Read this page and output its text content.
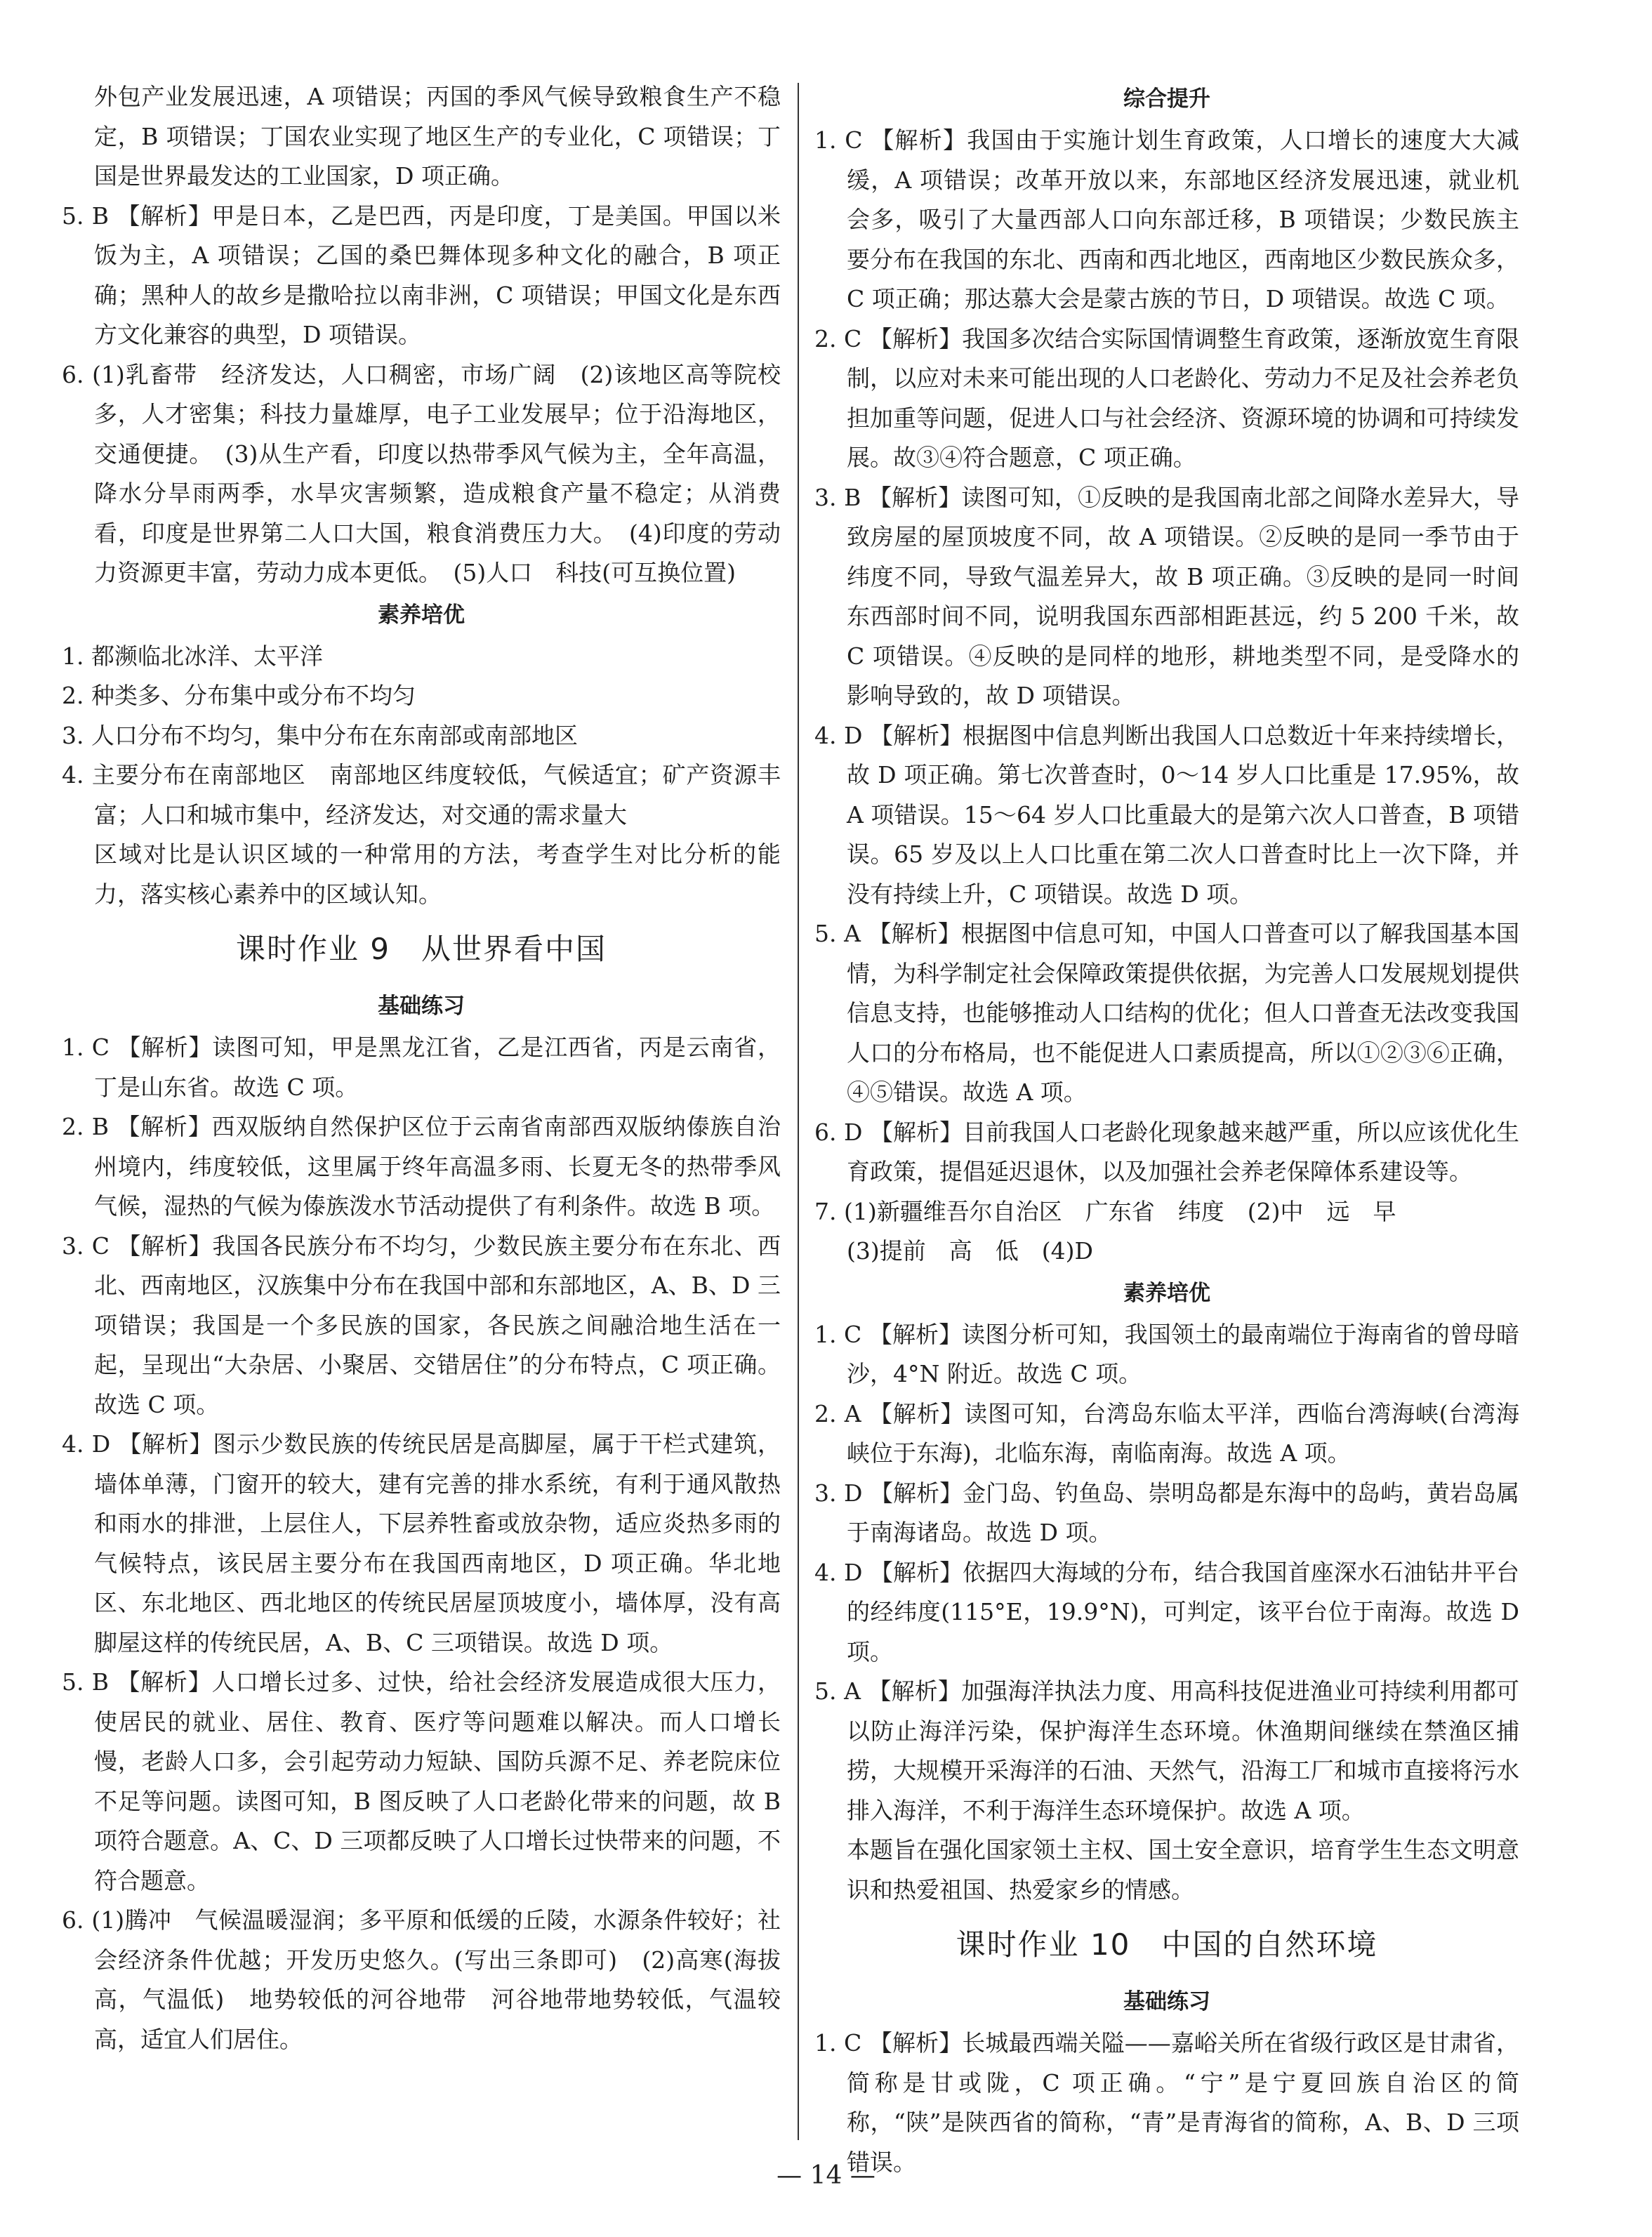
外包产业发展迅速，A 项错误；丙国的季风气候导致粮食生产不稳定，B 项错误；丁国农业实现了地区生产的专业化，C 项错误；丁国是世界最发达的工业国家，D 项正确。

5. B 【解析】甲是日本，乙是巴西，丙是印度，丁是美国。甲国以米饭为主，A 项错误；乙国的桑巴舞体现多种文化的融合，B 项正确；黑种人的故乡是撒哈拉以南非洲，C 项错误；甲国文化是东西方文化兼容的典型，D 项错误。

6. (1)乳畜带　经济发达，人口稠密，市场广阔　(2)该地区高等院校多，人才密集；科技力量雄厚，电子工业发展早；位于沿海地区，交通便捷。　(3)从生产看，印度以热带季风气候为主，全年高温，降水分旱雨两季，水旱灾害频繁，造成粮食产量不稳定；从消费看，印度是世界第二人口大国，粮食消费压力大。　(4)印度的劳动力资源更丰富，劳动力成本更低。　(5)人口　科技(可互换位置)

素养培优

1. 都濒临北冰洋、太平洋

2. 种类多、分布集中或分布不均匀

3. 人口分布不均匀，集中分布在东南部或南部地区

4. 主要分布在南部地区　南部地区纬度较低，气候适宜；矿产资源丰富；人口和城市集中，经济发达，对交通的需求量大

区域对比是认识区域的一种常用的方法，考查学生对比分析的能力，落实核心素养中的区域认知。

课时作业 9　从世界看中国

基础练习

1. C 【解析】读图可知，甲是黑龙江省，乙是江西省，丙是云南省，丁是山东省。故选 C 项。

2. B 【解析】西双版纳自然保护区位于云南省南部西双版纳傣族自治州境内，纬度较低，这里属于终年高温多雨、长夏无冬的热带季风气候，湿热的气候为傣族泼水节活动提供了有利条件。故选 B 项。

3. C 【解析】我国各民族分布不均匀，少数民族主要分布在东北、西北、西南地区，汉族集中分布在我国中部和东部地区，A、B、D 三项错误；我国是一个多民族的国家，各民族之间融洽地生活在一起，呈现出“大杂居、小聚居、交错居住”的分布特点，C 项正确。故选 C 项。

4. D 【解析】图示少数民族的传统民居是高脚屋，属于干栏式建筑，墙体单薄，门窗开的较大，建有完善的排水系统，有利于通风散热和雨水的排泄，上层住人，下层养牲畜或放杂物，适应炎热多雨的气候特点，该民居主要分布在我国西南地区，D 项正确。华北地区、东北地区、西北地区的传统民居屋顶坡度小，墙体厚，没有高脚屋这样的传统民居，A、B、C 三项错误。故选 D 项。

5. B 【解析】人口增长过多、过快，给社会经济发展造成很大压力，使居民的就业、居住、教育、医疗等问题难以解决。而人口增长慢，老龄人口多，会引起劳动力短缺、国防兵源不足、养老院床位不足等问题。读图可知，B 图反映了人口老龄化带来的问题，故 B 项符合题意。A、C、D 三项都反映了人口增长过快带来的问题，不符合题意。

6. (1)腾冲　气候温暖湿润；多平原和低缓的丘陵，水源条件较好；社会经济条件优越；开发历史悠久。(写出三条即可)　(2)高寒(海拔高，气温低)　地势较低的河谷地带　河谷地带地势较低，气温较高，适宜人们居住。

综合提升

1. C 【解析】我国由于实施计划生育政策，人口增长的速度大大减缓，A 项错误；改革开放以来，东部地区经济发展迅速，就业机会多，吸引了大量西部人口向东部迁移，B 项错误；少数民族主要分布在我国的东北、西南和西北地区，西南地区少数民族众多，C 项正确；那达慕大会是蒙古族的节日，D 项错误。故选 C 项。

2. C 【解析】我国多次结合实际国情调整生育政策，逐渐放宽生育限制，以应对未来可能出现的人口老龄化、劳动力不足及社会养老负担加重等问题，促进人口与社会经济、资源环境的协调和可持续发展。故③④符合题意，C 项正确。

3. B 【解析】读图可知，①反映的是我国南北部之间降水差异大，导致房屋的屋顶坡度不同，故 A 项错误。②反映的是同一季节由于纬度不同，导致气温差异大，故 B 项正确。③反映的是同一时间东西部时间不同，说明我国东西部相距甚远，约 5 200 千米，故 C 项错误。④反映的是同样的地形，耕地类型不同，是受降水的影响导致的，故 D 项错误。

4. D 【解析】根据图中信息判断出我国人口总数近十年来持续增长，故 D 项正确。第七次普查时，0～14 岁人口比重是 17.95%，故 A 项错误。15～64 岁人口比重最大的是第六次人口普查，B 项错误。65 岁及以上人口比重在第二次人口普查时比上一次下降，并没有持续上升，C 项错误。故选 D 项。

5. A 【解析】根据图中信息可知，中国人口普查可以了解我国基本国情，为科学制定社会保障政策提供依据，为完善人口发展规划提供信息支持，也能够推动人口结构的优化；但人口普查无法改变我国人口的分布格局，也不能促进人口素质提高，所以①②③⑥正确，④⑤错误。故选 A 项。

6. D 【解析】目前我国人口老龄化现象越来越严重，所以应该优化生育政策，提倡延迟退休，以及加强社会养老保障体系建设等。

7. (1)新疆维吾尔自治区　广东省　纬度　(2)中　远　早

(3)提前　高　低　(4)D

素养培优

1. C 【解析】读图分析可知，我国领土的最南端位于海南省的曾母暗沙，4°N 附近。故选 C 项。

2. A 【解析】读图可知，台湾岛东临太平洋，西临台湾海峡(台湾海峡位于东海)，北临东海，南临南海。故选 A 项。

3. D 【解析】金门岛、钓鱼岛、崇明岛都是东海中的岛屿，黄岩岛属于南海诸岛。故选 D 项。

4. D 【解析】依据四大海域的分布，结合我国首座深水石油钻井平台的经纬度(115°E，19.9°N)，可判定，该平台位于南海。故选 D 项。

5. A 【解析】加强海洋执法力度、用高科技促进渔业可持续利用都可以防止海洋污染，保护海洋生态环境。休渔期间继续在禁渔区捕捞，大规模开采海洋的石油、天然气，沿海工厂和城市直接将污水排入海洋，不利于海洋生态环境保护。故选 A 项。

本题旨在强化国家领土主权、国土安全意识，培育学生生态文明意识和热爱祖国、热爱家乡的情感。

课时作业 10　中国的自然环境

基础练习

1. C 【解析】长城最西端关隘——嘉峪关所在省级行政区是甘肃省，简称是甘或陇，C 项正确。“宁”是宁夏回族自治区的简称，“陕”是陕西省的简称，“青”是青海省的简称，A、B、D 三项错误。

— 14 —
